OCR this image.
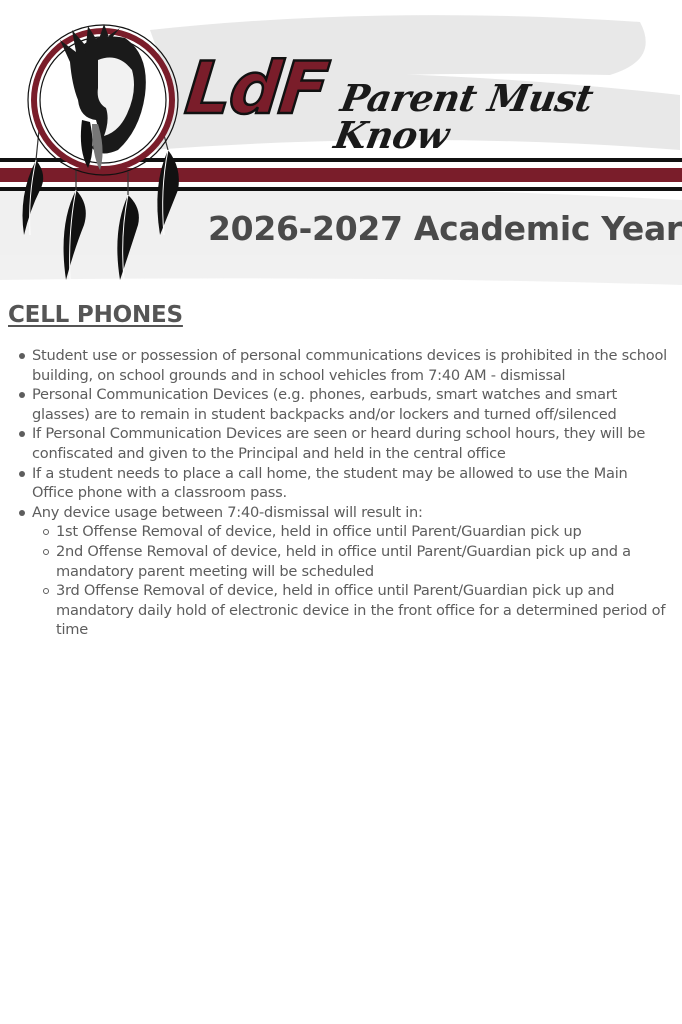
LdF Parent Must Know
2026-2027 Academic Year
CELL PHONES
Student use or possession of personal communications devices is prohibited in the school building, on school grounds and in school vehicles from 7:40 AM - dismissal
Personal Communication Devices (e.g. phones, earbuds, smart watches and smart glasses) are to remain in student backpacks and/or lockers and turned off/silenced
If Personal Communication Devices are seen or heard during school hours, they will be confiscated and given to the Principal and held in the central office
If a student needs to place a call home, the student may be allowed to use the Main Office phone with a classroom pass.
Any device usage between 7:40-dismissal will result in:
1st Offense Removal of device, held in office until Parent/Guardian pick up
2nd Offense Removal of device, held in office until Parent/Guardian pick up and a mandatory parent meeting will be scheduled
3rd Offense Removal of device, held in office until Parent/Guardian pick up and mandatory daily hold of electronic device in the front office for a determined period of time
